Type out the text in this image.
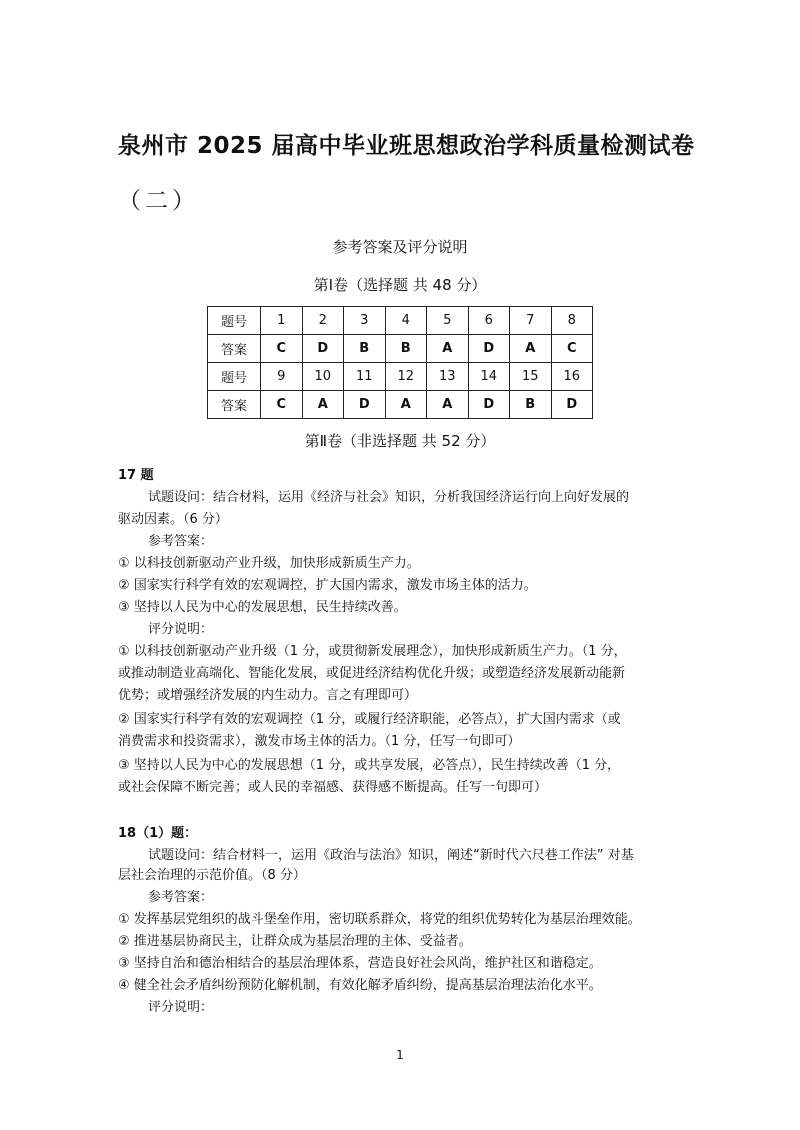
泉州市 2025 届高中毕业班思想政治学科质量检测试卷
（二）
参考答案及评分说明
第Ⅰ卷（选择题 共 48 分）
题号	1	2	3	4	5	6	7	8
答案	C	D	B	B	A	D	A	C
题号	9	10	11	12	13	14	15	16
答案	C	A	D	A	A	D	B	D
第Ⅱ卷（非选择题 共 52 分）
17 题
试题设问：结合材料，运用《经济与社会》知识，分析我国经济运行向上向好发展的
驱动因素。（6 分）
参考答案：
① 以科技创新驱动产业升级，加快形成新质生产力。
② 国家实行科学有效的宏观调控，扩大国内需求，激发市场主体的活力。
③ 坚持以人民为中心的发展思想，民生持续改善。
评分说明：
① 以科技创新驱动产业升级（1 分，或贯彻新发展理念），加快形成新质生产力。（1 分，
或推动制造业高端化、智能化发展，或促进经济结构优化升级；或塑造经济发展新动能新
优势；或增强经济发展的内生动力。言之有理即可）
② 国家实行科学有效的宏观调控（1 分，或履行经济职能，必答点），扩大国内需求（或
消费需求和投资需求），激发市场主体的活力。（1 分，任写一句即可）
③ 坚持以人民为中心的发展思想（1 分，或共享发展，必答点），民生持续改善（1 分，
或社会保障不断完善；或人民的幸福感、获得感不断提高。任写一句即可）
18（1）题：
试题设问：结合材料一，运用《政治与法治》知识，阐述“新时代六尺巷工作法” 对基
层社会治理的示范价值。（8 分）
参考答案：
① 发挥基层党组织的战斗堡垒作用，密切联系群众，将党的组织优势转化为基层治理效能。
② 推进基层协商民主，让群众成为基层治理的主体、受益者。
③ 坚持自治和德治相结合的基层治理体系，营造良好社会风尚，维护社区和谐稳定。
④ 健全社会矛盾纠纷预防化解机制，有效化解矛盾纠纷，提高基层治理法治化水平。
评分说明：
1
